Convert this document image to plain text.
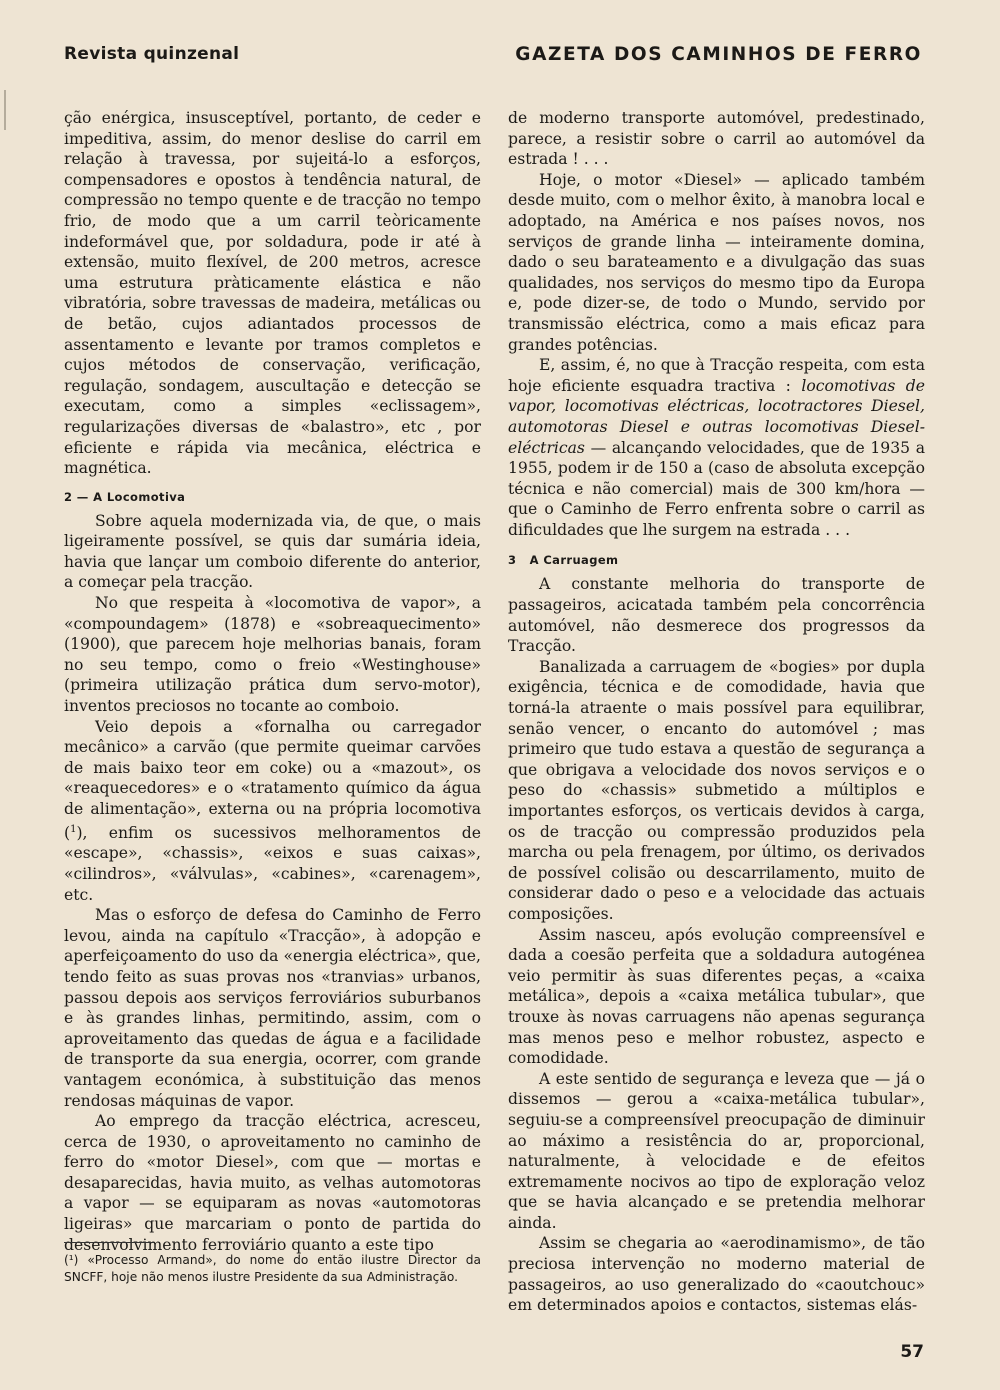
Revista quinzenal	GAZETA DOS CAMINHOS DE FERRO

ção enérgica, insusceptível, portanto, de ceder e impeditiva, assim, do menor deslise do carril em relação à travessa, por sujeitá-lo a esforços, compensadores e opostos à tendência natural, de compressão no tempo quente e de tracção no tempo frio, de modo que a um carril teòricamente indeformável que, por soldadura, pode ir até à extensão, muito flexível, de 200 metros, acresce uma estrutura pràticamente elástica e não vibratória, sobre travessas de madeira, metálicas ou de betão, cujos adiantados processos de assentamento e levante por tramos completos e cujos métodos de conservação, verificação, regulação, sondagem, auscultação e detecção se executam, como a simples «eclissagem», regularizações diversas de «balastro», etc , por eficiente e rápida via mecânica, eléctrica e magnética.

2 — A Locomotiva

Sobre aquela modernizada via, de que, o mais ligeiramente possível, se quis dar sumária ideia, havia que lançar um comboio diferente do anterior, a começar pela tracção.

No que respeita à «locomotiva de vapor», a «compoundagem» (1878) e «sobreaquecimento» (1900), que parecem hoje melhorias banais, foram no seu tempo, como o freio «Westinghouse» (primeira utilização prática dum servo-motor), inventos preciosos no tocante ao comboio.

Veio depois a «fornalha ou carregador mecânico» a carvão (que permite queimar carvões de mais baixo teor em coke) ou a «mazout», os «reaquecedores» e o «tratamento químico da água de alimentação», externa ou na própria locomotiva ($^1$), enfim os sucessivos melhoramentos de «escape», «chassis», «eixos e suas caixas», «cilindros», «válvulas», «cabines», «carenagem», etc.

Mas o esforço de defesa do Caminho de Ferro levou, ainda na capítulo «Tracção», à adopção e aperfeiçoamento do uso da «energia eléctrica», que, tendo feito as suas provas nos «tranvias» urbanos, passou depois aos serviços ferroviários suburbanos e às grandes linhas, permitindo, assim, com o aproveitamento das quedas de água e a facilidade de transporte da sua energia, ocorrer, com grande vantagem económica, à substituição das menos rendosas máquinas de vapor.

Ao emprego da tracção eléctrica, acresceu, cerca de 1930, o aproveitamento no caminho de ferro do «motor Diesel», com que — mortas e desaparecidas, havia muito, as velhas automotoras a vapor — se equiparam as novas «automotoras ligeiras» que marcariam o ponto de partida do desenvolvimento ferroviário quanto a este tipo

(¹) «Processo Armand», do nome do então ilustre Director da SNCFF, hoje não menos ilustre Presidente da sua Administração.

de moderno transporte automóvel, predestinado, parece, a resistir sobre o carril ao automóvel da estrada ! . . .

Hoje, o motor «Diesel» — aplicado também desde muito, com o melhor êxito, à manobra local e adoptado, na América e nos países novos, nos serviços de grande linha — inteiramente domina, dado o seu barateamento e a divulgação das suas qualidades, nos serviços do mesmo tipo da Europa e, pode dizer-se, de todo o Mundo, servido por transmissão eléctrica, como a mais eficaz para grandes potências.

E, assim, é, no que à Tracção respeita, com esta hoje eficiente esquadra tractiva : locomotivas de vapor, locomotivas eléctricas, locotractores Diesel, automotoras Diesel e outras locomotivas Diesel-eléctricas — alcançando velocidades, que de 1935 a 1955, podem ir de 150 a (caso de absoluta excepção técnica e não comercial) mais de 300 km/hora — que o Caminho de Ferro enfrenta sobre o carril as dificuldades que lhe surgem na estrada . . .

3   A Carruagem

A constante melhoria do transporte de passageiros, acicatada também pela concorrência automóvel, não desmerece dos progressos da Tracção.

Banalizada a carruagem de «bogies» por dupla exigência, técnica e de comodidade, havia que torná-la atraente o mais possível para equilibrar, senão vencer, o encanto do automóvel ; mas primeiro que tudo estava a questão de segurança a que obrigava a velocidade dos novos serviços e o peso do «chassis» submetido a múltiplos e importantes esforços, os verticais devidos à carga, os de tracção ou compressão produzidos pela marcha ou pela frenagem, por último, os derivados de possível colisão ou descarrilamento, muito de considerar dado o peso e a velocidade das actuais composições.

Assim nasceu, após evolução compreensível e dada a coesão perfeita que a soldadura autogénea veio permitir às suas diferentes peças, a «caixa metálica», depois a «caixa metálica tubular», que trouxe às novas carruagens não apenas segurança mas menos peso e melhor robustez, aspecto e comodidade.

A este sentido de segurança e leveza que — já o dissemos — gerou a «caixa-metálica tubular», seguiu-se a compreensível preocupação de diminuir ao máximo a resistência do ar, proporcional, naturalmente, à velocidade e de efeitos extremamente nocivos ao tipo de exploração veloz que se havia alcançado e se pretendia melhorar ainda.

Assim se chegaria ao «aerodinamismo», de tão preciosa intervenção no moderno material de passageiros, ao uso generalizado do «caoutchouc» em determinados apoios e contactos, sistemas elás-

57
